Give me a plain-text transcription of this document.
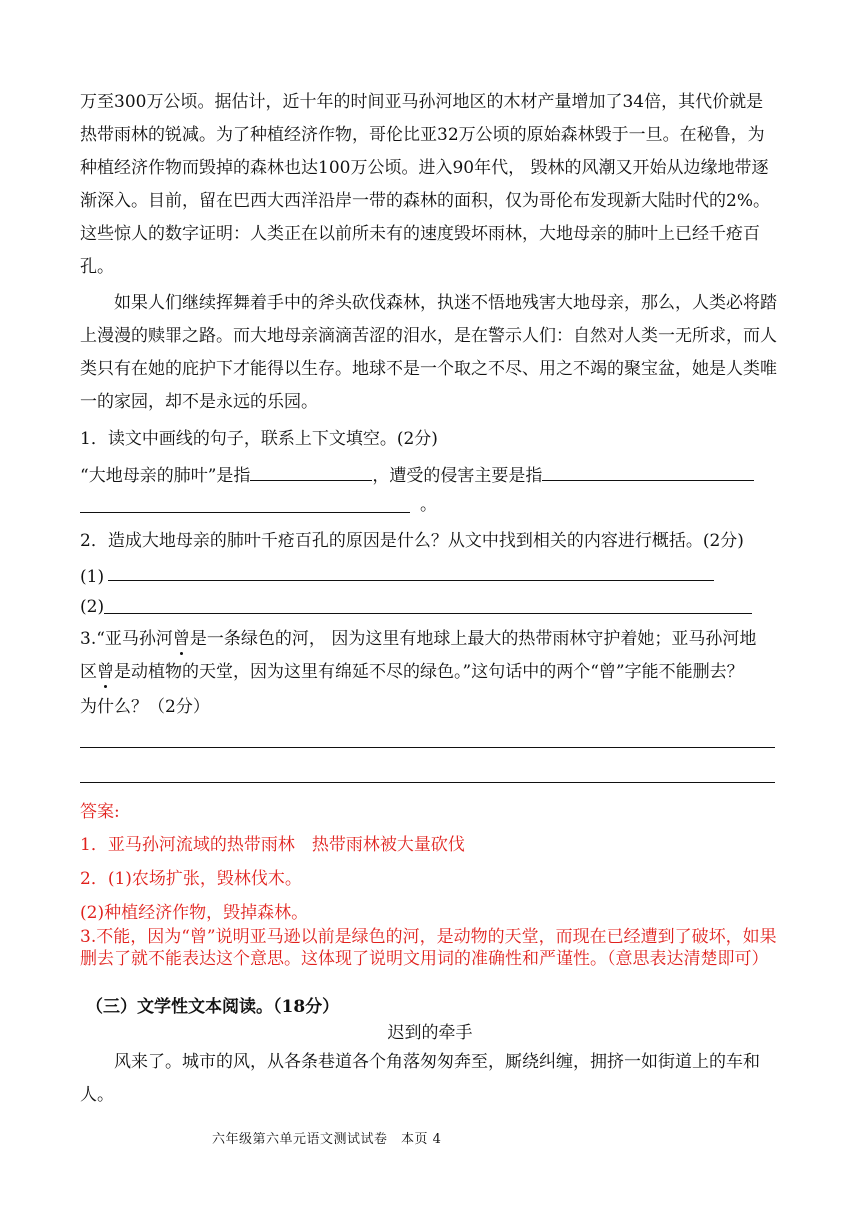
万至300万公顷。据估计，近十年的时间亚马孙河地区的木材产量增加了34倍，其代价就是热带雨林的锐减。为了种植经济作物，哥伦比亚32万公顷的原始森林毁于一旦。在秘鲁，为种植经济作物而毁掉的森林也达100万公顷。进入90年代， 毁林的风潮又开始从边缘地带逐渐深入。目前，留在巴西大西洋沿岸一带的森林的面积，仅为哥伦布发现新大陆时代的2%。这些惊人的数字证明：人类正在以前所未有的速度毁坏雨林，大地母亲的肺叶上已经千疮百孔。

如果人们继续挥舞着手中的斧头砍伐森林，执迷不悟地残害大地母亲，那么，人类必将踏上漫漫的赎罪之路。而大地母亲滴滴苦涩的泪水，是在警示人们：自然对人类一无所求，而人类只有在她的庇护下才能得以生存。地球不是一个取之不尽、用之不竭的聚宝盆，她是人类唯一的家园，却不是永远的乐园。

1．读文中画线的句子，联系上下文填空。(2分)

“大地母亲的肺叶”是指	，遭受的侵害主要是指
。

2．造成大地母亲的肺叶千疮百孔的原因是什么？从文中找到相关的内容进行概括。(2分)

(1)
(2)

3.“亚马孙河曾是一条绿色的河， 因为这里有地球上最大的热带雨林守护着她；亚马孙河地

区曾是动植物的天堂，因为这里有绵延不尽的绿色。”这句话中的两个“曾”字能不能删去？

为什么？（2分）

答案:

1．亚马孙河流域的热带雨林　热带雨林被大量砍伐

2．(1)农场扩张，毁林伐木。

(2)种植经济作物，毁掉森林。

3.不能，因为“曾”说明亚马逊以前是绿色的河，是动物的天堂，而现在已经遭到了破坏，如果删去了就不能表达这个意思。这体现了说明文用词的准确性和严谨性。（意思表达清楚即可）

（三）文学性文本阅读。（18分）

迟到的牵手

风来了。城市的风，从各条巷道各个角落匆匆奔至，厮绕纠缠，拥挤一如街道上的车和人。

六年级第六单元语文测试试卷　本页 4
